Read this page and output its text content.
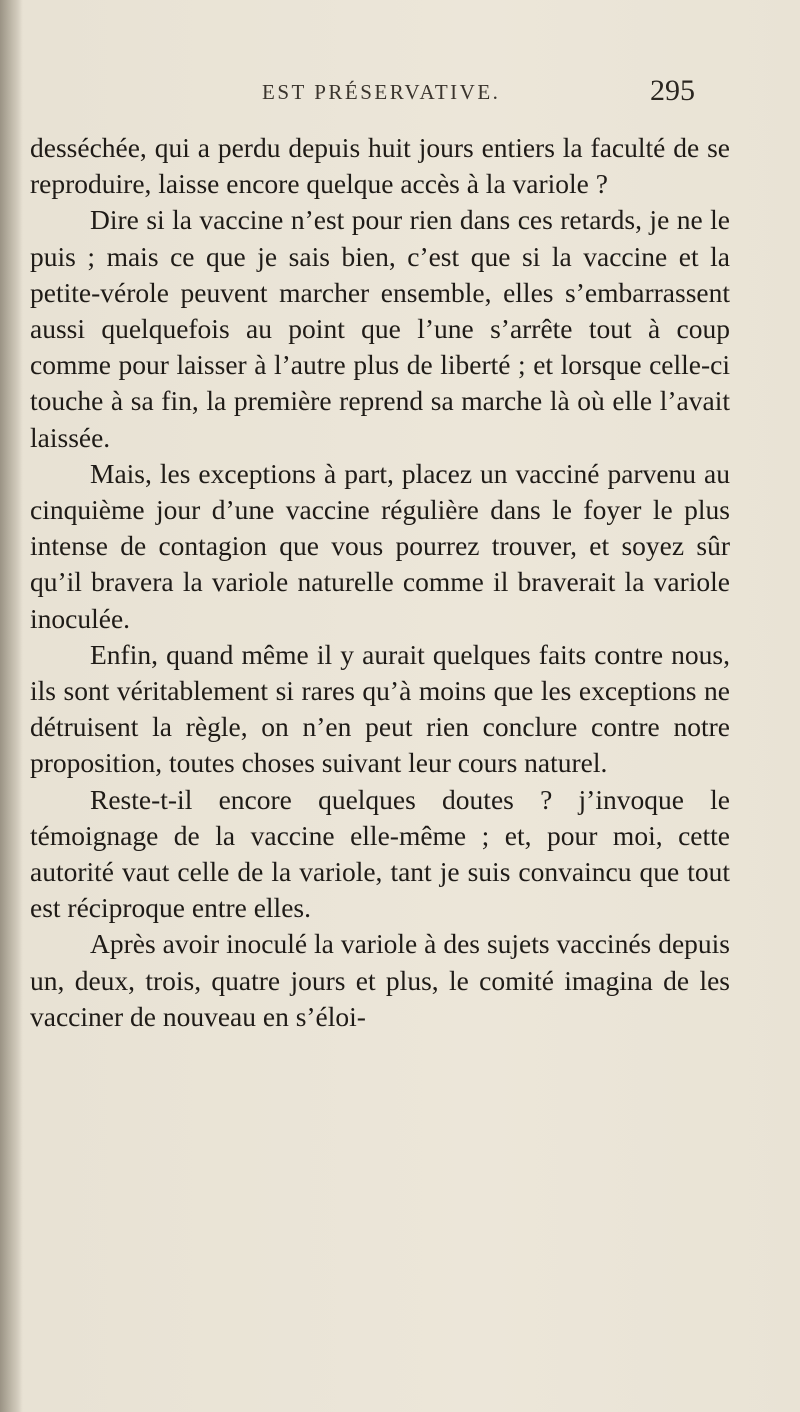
EST PRÉSERVATIVE.	295

desséchée, qui a perdu depuis huit jours entiers la faculté de se reproduire, laisse encore quelque accès à la variole ?

Dire si la vaccine n’est pour rien dans ces retards, je ne le puis ; mais ce que je sais bien, c’est que si la vaccine et la petite-vérole peuvent marcher ensemble, elles s’embarrassent aussi quelquefois au point que l’une s’arrête tout à coup comme pour laisser à l’autre plus de liberté ; et lorsque celle-ci touche à sa fin, la première reprend sa marche là où elle l’avait laissée.

Mais, les exceptions à part, placez un vacciné parvenu au cinquième jour d’une vaccine régulière dans le foyer le plus intense de contagion que vous pourrez trouver, et soyez sûr qu’il bravera la variole naturelle comme il braverait la variole inoculée.

Enfin, quand même il y aurait quelques faits contre nous, ils sont véritablement si rares qu’à moins que les exceptions ne détruisent la règle, on n’en peut rien conclure contre notre proposition, toutes choses suivant leur cours naturel.

Reste-t-il encore quelques doutes ? j’invoque le témoignage de la vaccine elle-même ; et, pour moi, cette autorité vaut celle de la variole, tant je suis convaincu que tout est réciproque entre elles.

Après avoir inoculé la variole à des sujets vaccinés depuis un, deux, trois, quatre jours et plus, le comité imagina de les vacciner de nouveau en s’éloi-
